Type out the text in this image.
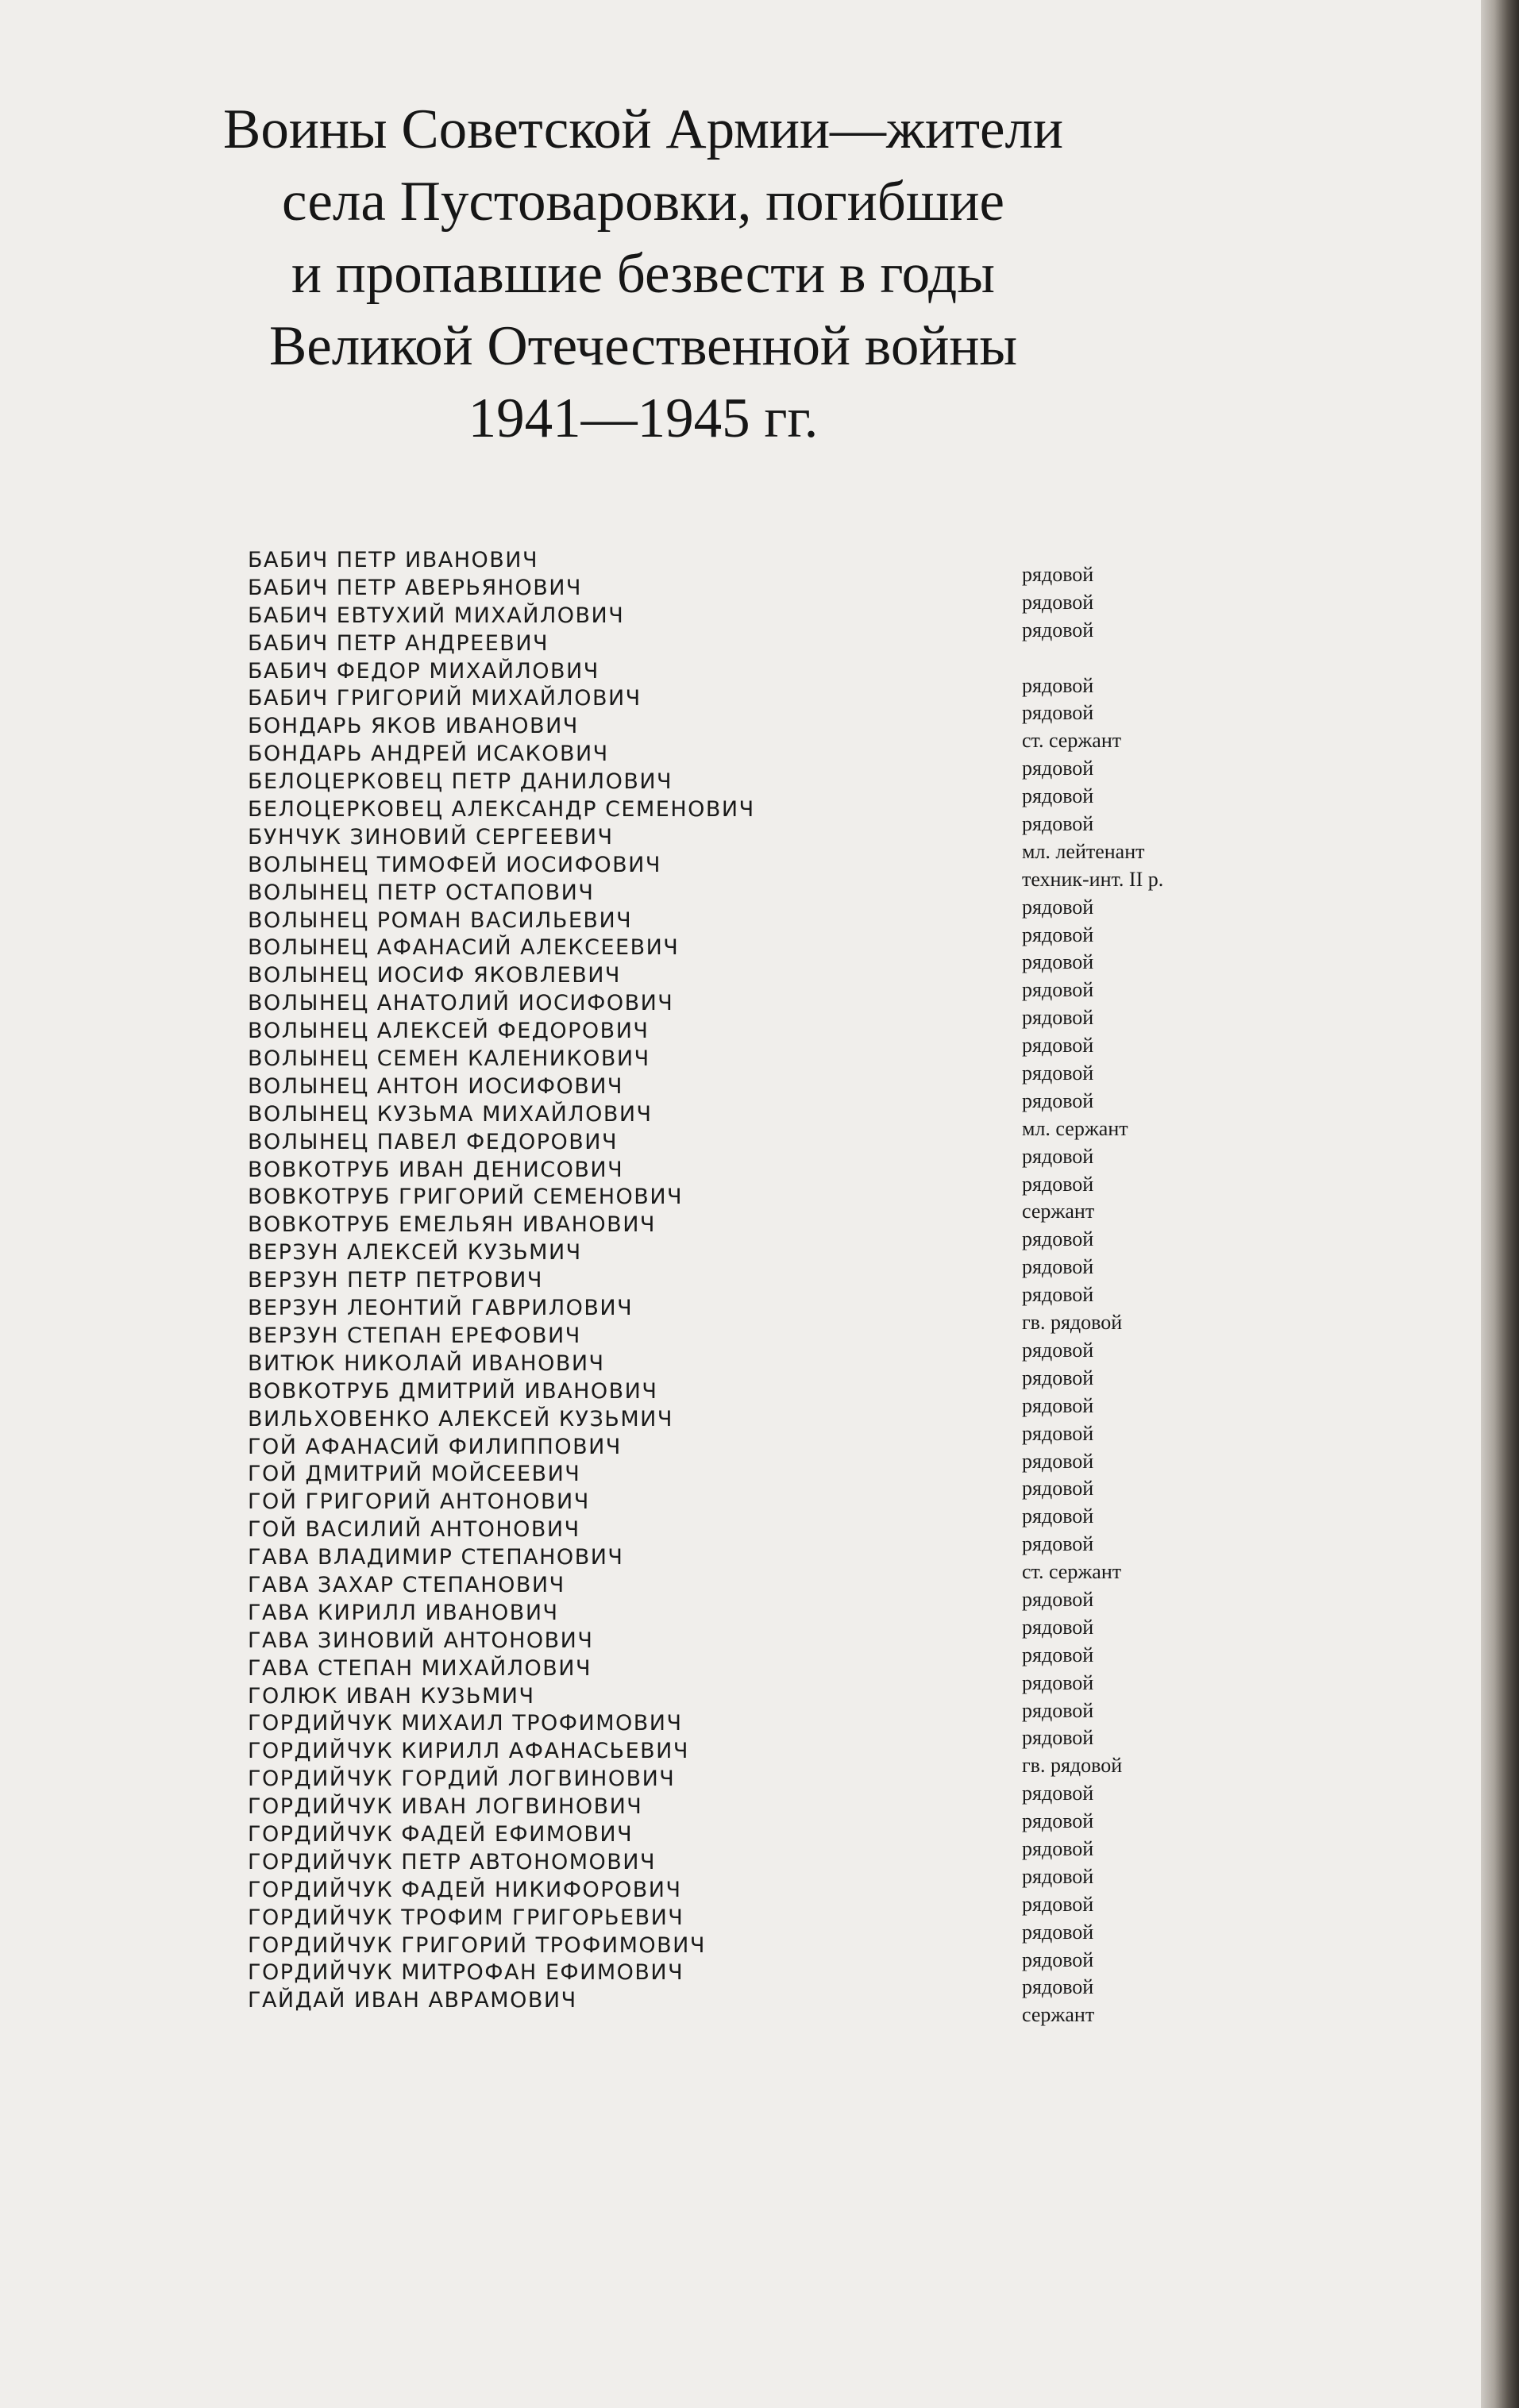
Воины Советской Армии—жители
села Пустоваровки, погибшие
и пропавшие безвести в годы
Великой Отечественной войны
1941—1945 гг.
БАБИЧ ПЕТР ИВАНОВИЧ
рядовой
БАБИЧ ПЕТР АВЕРЬЯНОВИЧ
рядовой
БАБИЧ ЕВТУХИЙ МИХАЙЛОВИЧ
рядовой
БАБИЧ ПЕТР АНДРЕЕВИЧ
БАБИЧ ФЕДОР МИХАЙЛОВИЧ
рядовой
БАБИЧ ГРИГОРИЙ МИХАЙЛОВИЧ
рядовой
БОНДАРЬ ЯКОВ ИВАНОВИЧ
ст. сержант
БОНДАРЬ АНДРЕЙ ИСАКОВИЧ
рядовой
БЕЛОЦЕРКОВЕЦ ПЕТР ДАНИЛОВИЧ
рядовой
БЕЛОЦЕРКОВЕЦ АЛЕКСАНДР СЕМЕНОВИЧ
рядовой
БУНЧУК ЗИНОВИЙ СЕРГЕЕВИЧ
мл. лейтенант
ВОЛЫНЕЦ ТИМОФЕЙ ИОСИФОВИЧ
техник-инт. II р.
ВОЛЫНЕЦ ПЕТР ОСТАПОВИЧ
рядовой
ВОЛЫНЕЦ РОМАН ВАСИЛЬЕВИЧ
рядовой
ВОЛЫНЕЦ АФАНАСИЙ АЛЕКСЕЕВИЧ
рядовой
ВОЛЫНЕЦ ИОСИФ ЯКОВЛЕВИЧ
рядовой
ВОЛЫНЕЦ АНАТОЛИЙ ИОСИФОВИЧ
рядовой
ВОЛЫНЕЦ АЛЕКСЕЙ ФЕДОРОВИЧ
рядовой
ВОЛЫНЕЦ СЕМЕН КАЛЕНИКОВИЧ
рядовой
ВОЛЫНЕЦ АНТОН ИОСИФОВИЧ
рядовой
ВОЛЫНЕЦ КУЗЬМА МИХАЙЛОВИЧ
мл. сержант
ВОЛЫНЕЦ ПАВЕЛ ФЕДОРОВИЧ
рядовой
ВОВКОТРУБ ИВАН ДЕНИСОВИЧ
рядовой
ВОВКОТРУБ ГРИГОРИЙ СЕМЕНОВИЧ
сержант
ВОВКОТРУБ ЕМЕЛЬЯН ИВАНОВИЧ
рядовой
ВЕРЗУН АЛЕКСЕЙ КУЗЬМИЧ
рядовой
ВЕРЗУН ПЕТР ПЕТРОВИЧ
рядовой
ВЕРЗУН ЛЕОНТИЙ ГАВРИЛОВИЧ
гв. рядовой
ВЕРЗУН СТЕПАН ЕРЕФОВИЧ
рядовой
ВИТЮК НИКОЛАЙ ИВАНОВИЧ
рядовой
ВОВКОТРУБ ДМИТРИЙ ИВАНОВИЧ
рядовой
ВИЛЬХОВЕНКО АЛЕКСЕЙ КУЗЬМИЧ
рядовой
ГОЙ АФАНАСИЙ ФИЛИППОВИЧ
рядовой
ГОЙ ДМИТРИЙ МОЙСЕЕВИЧ
рядовой
ГОЙ ГРИГОРИЙ АНТОНОВИЧ
рядовой
ГОЙ ВАСИЛИЙ АНТОНОВИЧ
рядовой
ГАВА ВЛАДИМИР СТЕПАНОВИЧ
ст. сержант
ГАВА ЗАХАР СТЕПАНОВИЧ
рядовой
ГАВА КИРИЛЛ ИВАНОВИЧ
рядовой
ГАВА ЗИНОВИЙ АНТОНОВИЧ
рядовой
ГАВА СТЕПАН МИХАЙЛОВИЧ
рядовой
ГОЛЮК ИВАН КУЗЬМИЧ
рядовой
ГОРДИЙЧУК МИХАИЛ ТРОФИМОВИЧ
рядовой
ГОРДИЙЧУК КИРИЛЛ АФАНАСЬЕВИЧ
гв. рядовой
ГОРДИЙЧУК ГОРДИЙ ЛОГВИНОВИЧ
рядовой
ГОРДИЙЧУК ИВАН ЛОГВИНОВИЧ
рядовой
ГОРДИЙЧУК ФАДЕЙ ЕФИМОВИЧ
рядовой
ГОРДИЙЧУК ПЕТР АВТОНОМОВИЧ
рядовой
ГОРДИЙЧУК ФАДЕЙ НИКИФОРОВИЧ
рядовой
ГОРДИЙЧУК ТРОФИМ ГРИГОРЬЕВИЧ
рядовой
ГОРДИЙЧУК ГРИГОРИЙ ТРОФИМОВИЧ
рядовой
ГОРДИЙЧУК МИТРОФАН ЕФИМОВИЧ
рядовой
ГАЙДАЙ ИВАН АВРАМОВИЧ
сержант
